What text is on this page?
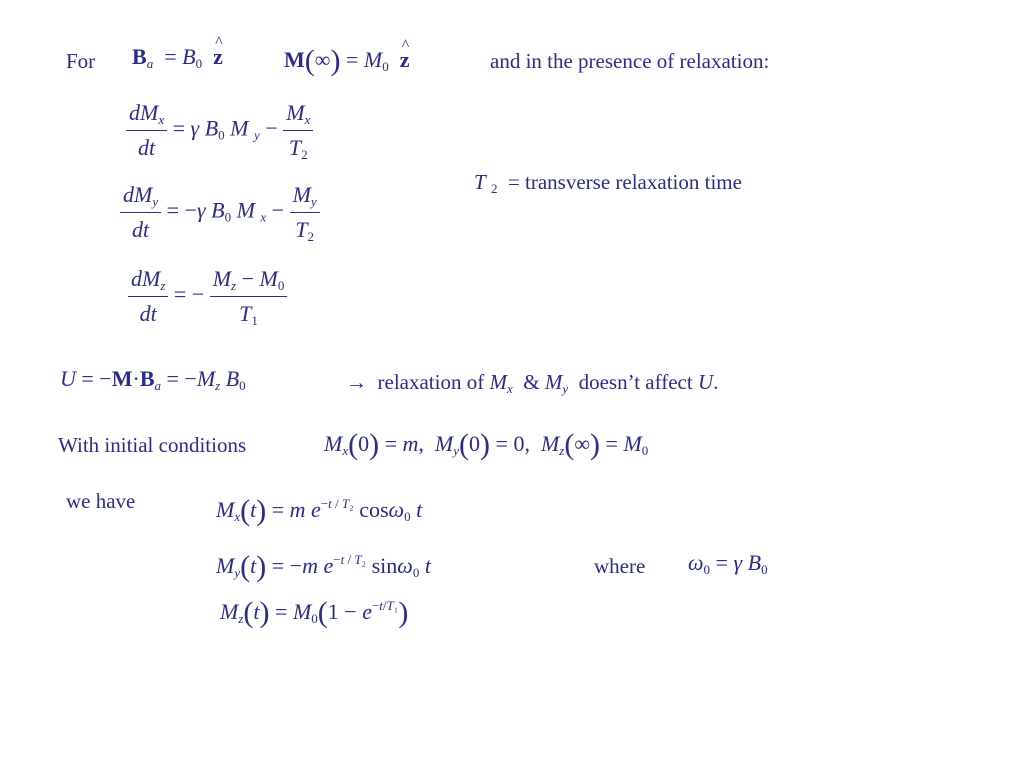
For $B_a = B_0$ ^ z	$M(\infty) = M_0$ ^ z	and in the presence of relaxation:
$\frac{dM_x}{dt} = \gamma$ $B_0$ M $_y - \frac{M_x}{T_2}$
$\frac{dM_y}{dt} = -\gamma$ $B_0$ M $_x - \frac{M_y}{T_2}$
T $_2$ = transverse relaxation time
$\frac{dM_z}{dt}$ = − $\frac{M_z - M_0}{T_1}$
$U = -M\cdot B_a = -M_z$ $B_0$	→  relaxation of $M_x$ & $M_y$ doesn’t affect U.
With initial conditions	$M_x(0) = m$,  $M_y(0) = 0$,  $M_z(\infty) = M_0$
we have	$M_x(t) = m$ $e^{-t / T_2}$ cosω$_0$ t
$M_y(t) = -m$ $e^{-t / T_2}$ sinω$_0$ t	where $\omega_0 = \gamma$ $B_0$
$M_z(t) = M_0(1 - e^{-t/T_1})$
